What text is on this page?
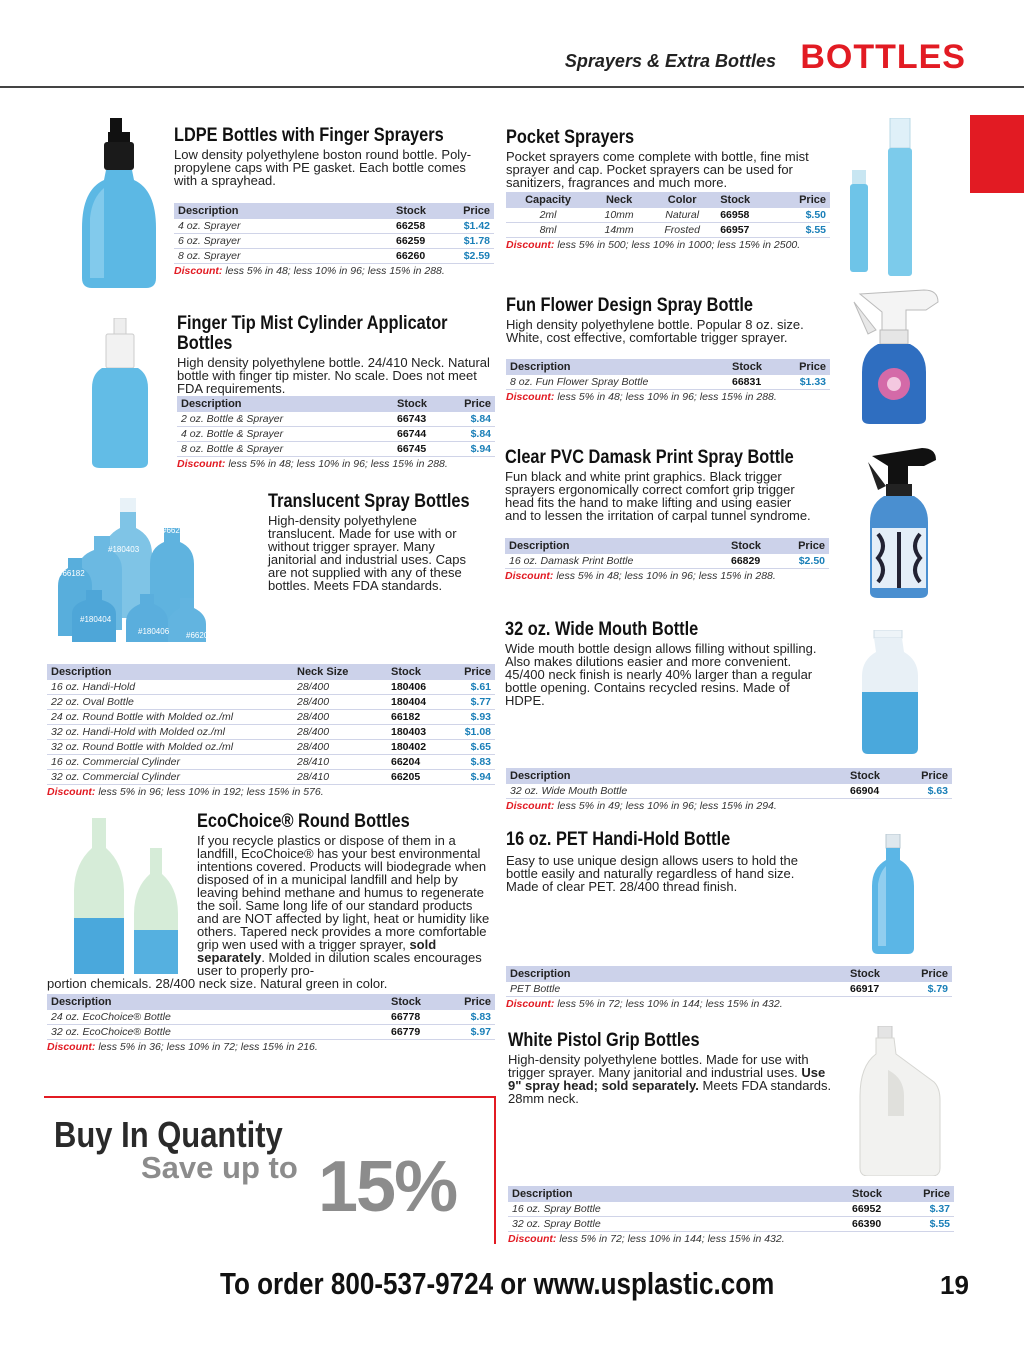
Sprayers & Extra Bottles BOTTLES
LDPE Bottles with Finger Sprayers

Low density polyethylene boston round bottle. Poly-propylene caps with PE gasket. Each bottle comes with a sprayhead.

Description	Stock	Price
4 oz. Sprayer	66258	$1.42
6 oz. Sprayer	66259	$1.78
8 oz. Sprayer	66260	$2.59
Discount: less 5% in 48; less 10% in 96; less 15% in 288.
Pocket Sprayers

Pocket sprayers come complete with bottle, fine mist sprayer and cap. Pocket sprayers can be used for sanitizers, fragrances and much more.

Capacity	Neck	Color	Stock	Price
2ml	10mm	Natural	66958	$.50
8ml	14mm	Frosted	66957	$.55
Discount: less 5% in 500; less 10% in 1000; less 15% in 2500.
Finger Tip Mist Cylinder Applicator Bottles

High density polyethylene bottle. 24/410 Neck. Natural bottle with finger tip mister. No scale. Does not meet FDA requirements.

Description	Stock	Price
2 oz. Bottle & Sprayer	66743	$.84
4 oz. Bottle & Sprayer	66744	$.84
8 oz. Bottle & Sprayer	66745	$.94
Discount: less 5% in 48; less 10% in 96; less 15% in 288.
Fun Flower Design Spray Bottle

High density polyethylene bottle. Popular 8 oz. size. White, cost effective, comfortable trigger sprayer.

Description	Stock	Price
8 oz. Fun Flower Spray Bottle	66831	$1.33
Discount: less 5% in 48; less 10% in 96; less 15% in 288.
#66205
#180403	#180402
#66182
#180404
#180406 #66204
Translucent Spray Bottles

High-density polyethylene translucent. Made for use with or without trigger sprayer. Many janitorial and industrial uses. Caps are not supplied with any of these bottles. Meets FDA standards.

Description	Neck Size	Stock	Price
16 oz. Handi-Hold	28/400	180406	$.61
22 oz. Oval Bottle	28/400	180404	$.77
24 oz. Round Bottle with Molded oz./ml	28/400	66182	$.93
32 oz. Handi-Hold with Molded oz./ml	28/400	180403	$1.08
32 oz. Round Bottle with Molded oz./ml	28/400	180402	$.65
16 oz. Commercial Cylinder	28/410	66204	$.83
32 oz. Commercial Cylinder	28/410	66205	$.94
Discount: less 5% in 96; less 10% in 192; less 15% in 576.
Clear PVC Damask Print Spray Bottle

Fun black and white print graphics. Black trigger sprayers ergonomically correct comfort grip trigger head fits the hand to make lifting and using easier and to lessen the irritation of carpal tunnel syndrome.

Description	Stock	Price
16 oz. Damask Print Bottle	66829	$2.50
Discount: less 5% in 48; less 10% in 96; less 15% in 288.
32 oz. Wide Mouth Bottle

Wide mouth bottle design allows filling without spilling. Also makes dilutions easier and more convenient. 45/400 neck finish is nearly 40% larger than a regular bottle opening. Contains recycled resins. Made of HDPE.

Description	Stock	Price
32 oz. Wide Mouth Bottle	66904	$.63
Discount: less 5% in 49; less 10% in 96; less 15% in 294.
EcoChoice® Round Bottles

If you recycle plastics or dispose of them in a landfill, EcoChoice® has your best environmental intentions covered. Products will biodegrade when disposed of in a municipal landfill and help by leaving behind methane and humus to regenerate the soil. Same long life of our standard products and are NOT affected by light, heat or humidity like others. Tapered neck provides a more comfortable grip wen used with a trigger sprayer, sold separately. Molded in dilution scales encourages user to properly pro-

portion chemicals. 28/400 neck size. Natural green in color.
Description	Stock	Price
24 oz. EcoChoice® Bottle	66778	$.83
32 oz. EcoChoice® Bottle	66779	$.97
Discount: less 5% in 36; less 10% in 72; less 15% in 216.
16 oz. PET Handi-Hold Bottle

Easy to use unique design allows users to hold the bottle easily and naturally regardless of hand size. Made of clear PET. 28/400 thread finish.

Description	Stock	Price
PET Bottle	66917	$.79
Discount: less 5% in 72; less 10% in 144; less 15% in 432.
Buy In Quantity
Save up to 15%
White Pistol Grip Bottles

High-density polyethylene bottles. Made for use with trigger sprayer. Many janitorial and industrial uses. Use 9" spray head; sold separately. Meets FDA standards. 28mm neck.

Description	Stock	Price
16 oz. Spray Bottle	66952	$.37
32 oz. Spray Bottle	66390	$.55
Discount: less 5% in 72; less 10% in 144; less 15% in 432.
To order 800-537-9724 or www.usplastic.com	19
